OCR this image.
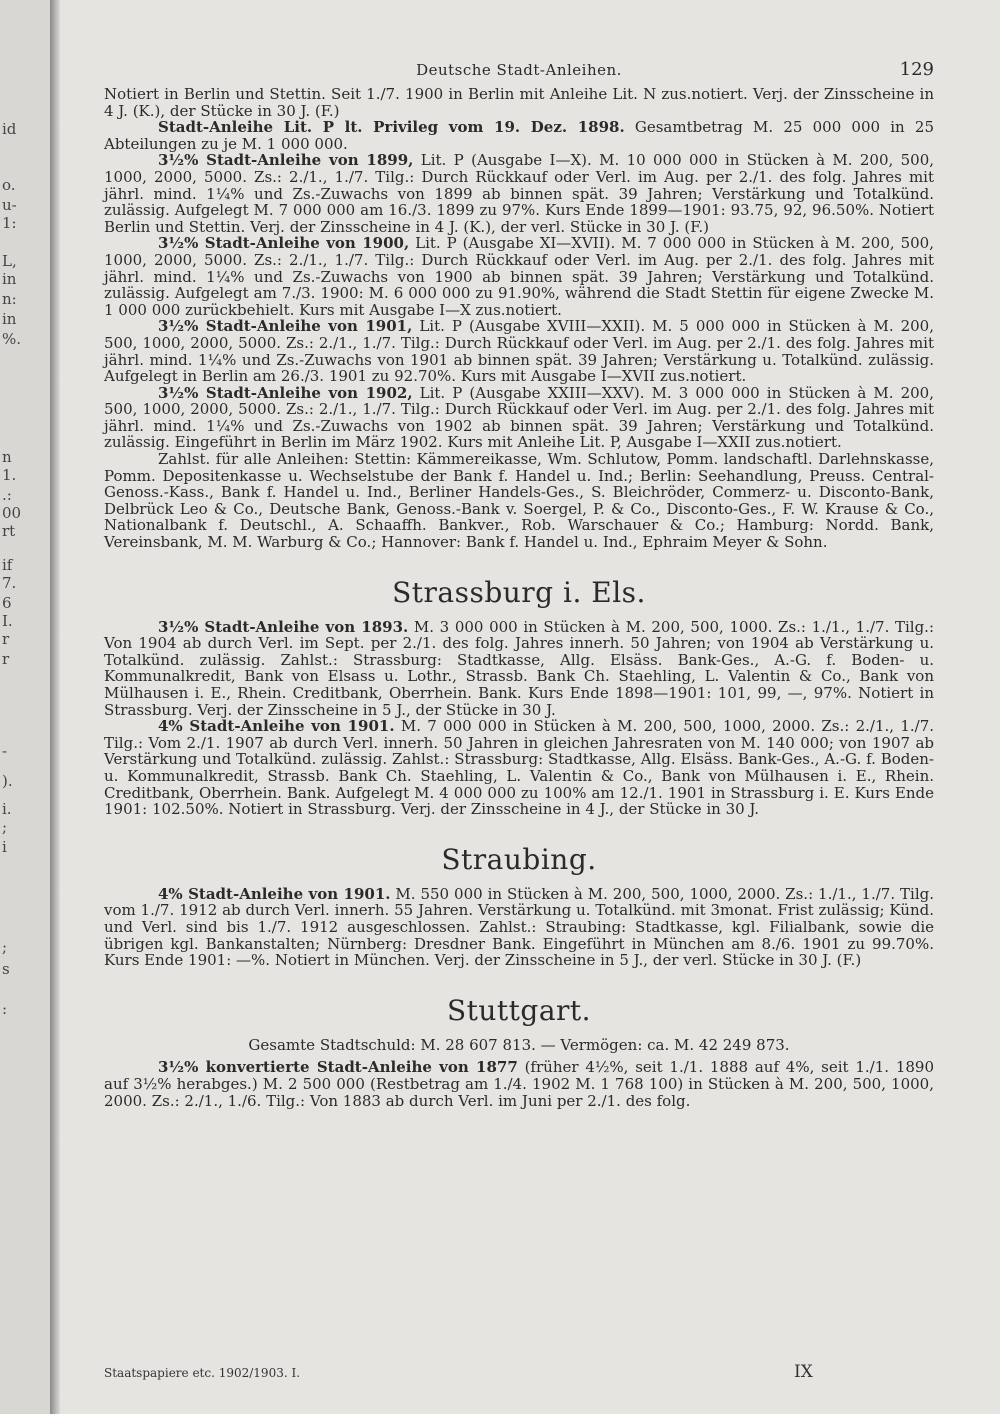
id
o.
u-
1:
L,
in
n:
in
%.
n
1.
.:
00
rt
if
7.
6
I.
r
r
-
).
i.
;
i
;
s
:
Deutsche Stadt-Anleihen.	129

Notiert in Berlin und Stettin. Seit 1./7. 1900 in Berlin mit Anleihe Lit. N zus.notiert. Verj. der Zinsscheine in 4 J. (K.), der Stücke in 30 J. (F.)

Stadt-Anleihe Lit. P lt. Privileg vom 19. Dez. 1898. Gesamtbetrag M. 25 000 000 in 25 Abteilungen zu je M. 1 000 000.

3½% Stadt-Anleihe von 1899, Lit. P (Ausgabe I—X). M. 10 000 000 in Stücken à M. 200, 500, 1000, 2000, 5000. Zs.: 2./1., 1./7. Tilg.: Durch Rückkauf oder Verl. im Aug. per 2./1. des folg. Jahres mit jährl. mind. 1¼% und Zs.-Zuwachs von 1899 ab binnen spät. 39 Jahren; Verstärkung und Totalkünd. zulässig. Aufgelegt M. 7 000 000 am 16./3. 1899 zu 97%. Kurs Ende 1899—1901: 93.75, 92, 96.50%. Notiert Berlin und Stettin. Verj. der Zinsscheine in 4 J. (K.), der verl. Stücke in 30 J. (F.)

3½% Stadt-Anleihe von 1900, Lit. P (Ausgabe XI—XVII). M. 7 000 000 in Stücken à M. 200, 500, 1000, 2000, 5000. Zs.: 2./1., 1./7. Tilg.: Durch Rückkauf oder Verl. im Aug. per 2./1. des folg. Jahres mit jährl. mind. 1¼% und Zs.-Zuwachs von 1900 ab binnen spät. 39 Jahren; Verstärkung und Totalkünd. zulässig. Aufgelegt am 7./3. 1900: M. 6 000 000 zu 91.90%, während die Stadt Stettin für eigene Zwecke M. 1 000 000 zurückbehielt. Kurs mit Ausgabe I—X zus.notiert.

3½% Stadt-Anleihe von 1901, Lit. P (Ausgabe XVIII—XXII). M. 5 000 000 in Stücken à M. 200, 500, 1000, 2000, 5000. Zs.: 2./1., 1./7. Tilg.: Durch Rückkauf oder Verl. im Aug. per 2./1. des folg. Jahres mit jährl. mind. 1¼% und Zs.-Zuwachs von 1901 ab binnen spät. 39 Jahren; Verstärkung u. Totalkünd. zulässig. Aufgelegt in Berlin am 26./3. 1901 zu 92.70%. Kurs mit Ausgabe I—XVII zus.notiert.

3½% Stadt-Anleihe von 1902, Lit. P (Ausgabe XXIII—XXV). M. 3 000 000 in Stücken à M. 200, 500, 1000, 2000, 5000. Zs.: 2./1., 1./7. Tilg.: Durch Rückkauf oder Verl. im Aug. per 2./1. des folg. Jahres mit jährl. mind. 1¼% und Zs.-Zuwachs von 1902 ab binnen spät. 39 Jahren; Verstärkung und Totalkünd. zulässig. Eingeführt in Berlin im März 1902. Kurs mit Anleihe Lit. P, Ausgabe I—XXII zus.notiert.

Zahlst. für alle Anleihen: Stettin: Kämmereikasse, Wm. Schlutow, Pomm. landschaftl. Darlehnskasse, Pomm. Depositenkasse u. Wechselstube der Bank f. Handel u. Ind.; Berlin: Seehandlung, Preuss. Central-Genoss.-Kass., Bank f. Handel u. Ind., Berliner Handels-Ges., S. Bleichröder, Commerz- u. Disconto-Bank, Delbrück Leo & Co., Deutsche Bank, Genoss.-Bank v. Soergel, P. & Co., Disconto-Ges., F. W. Krause & Co., Nationalbank f. Deutschl., A. Schaaffh. Bankver., Rob. Warschauer & Co.; Hamburg: Nordd. Bank, Vereinsbank, M. M. Warburg & Co.; Hannover: Bank f. Handel u. Ind., Ephraim Meyer & Sohn.

Strassburg i. Els.

3½% Stadt-Anleihe von 1893. M. 3 000 000 in Stücken à M. 200, 500, 1000. Zs.: 1./1., 1./7. Tilg.: Von 1904 ab durch Verl. im Sept. per 2./1. des folg. Jahres innerh. 50 Jahren; von 1904 ab Verstärkung u. Totalkünd. zulässig. Zahlst.: Strassburg: Stadtkasse, Allg. Elsäss. Bank-Ges., A.-G. f. Boden- u. Kommunalkredit, Bank von Elsass u. Lothr., Strassb. Bank Ch. Staehling, L. Valentin & Co., Bank von Mülhausen i. E., Rhein. Creditbank, Oberrhein. Bank. Kurs Ende 1898—1901: 101, 99, —, 97%. Notiert in Strassburg. Verj. der Zinsscheine in 5 J., der Stücke in 30 J.

4% Stadt-Anleihe von 1901. M. 7 000 000 in Stücken à M. 200, 500, 1000, 2000. Zs.: 2./1., 1./7. Tilg.: Vom 2./1. 1907 ab durch Verl. innerh. 50 Jahren in gleichen Jahresraten von M. 140 000; von 1907 ab Verstärkung und Totalkünd. zulässig. Zahlst.: Strassburg: Stadtkasse, Allg. Elsäss. Bank-Ges., A.-G. f. Boden- u. Kommunalkredit, Strassb. Bank Ch. Staehling, L. Valentin & Co., Bank von Mülhausen i. E., Rhein. Creditbank, Oberrhein. Bank. Aufgelegt M. 4 000 000 zu 100% am 12./1. 1901 in Strassburg i. E. Kurs Ende 1901: 102.50%. Notiert in Strassburg. Verj. der Zinsscheine in 4 J., der Stücke in 30 J.

Straubing.

4% Stadt-Anleihe von 1901. M. 550 000 in Stücken à M. 200, 500, 1000, 2000. Zs.: 1./1., 1./7. Tilg. vom 1./7. 1912 ab durch Verl. innerh. 55 Jahren. Verstärkung u. Totalkünd. mit 3monat. Frist zulässig; Künd. und Verl. sind bis 1./7. 1912 ausgeschlossen. Zahlst.: Straubing: Stadtkasse, kgl. Filialbank, sowie die übrigen kgl. Bankanstalten; Nürnberg: Dresdner Bank. Eingeführt in München am 8./6. 1901 zu 99.70%. Kurs Ende 1901: —%. Notiert in München. Verj. der Zinsscheine in 5 J., der verl. Stücke in 30 J. (F.)

Stuttgart.
Gesamte Stadtschuld: M. 28 607 813. — Vermögen: ca. M. 42 249 873.

3½% konvertierte Stadt-Anleihe von 1877 (früher 4½%, seit 1./1. 1888 auf 4%, seit 1./1. 1890 auf 3½% herabges.) M. 2 500 000 (Restbetrag am 1./4. 1902 M. 1 768 100) in Stücken à M. 200, 500, 1000, 2000. Zs.: 2./1., 1./6. Tilg.: Von 1883 ab durch Verl. im Juni per 2./1. des folg.

Staatspapiere etc. 1902/1903. I.	IX
